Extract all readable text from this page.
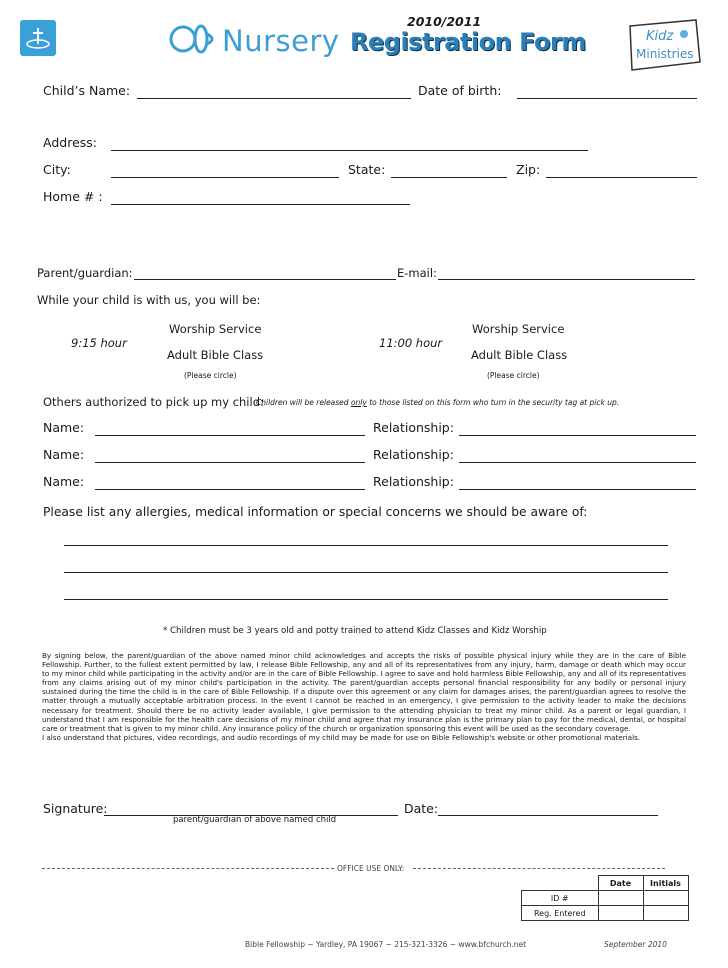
Nursery
2010/2011
Registration Form	Kidz
Ministries
Child’s Name:	Date of birth:
Address:
City:	State:	Zip:
Home # :
Parent/guardian:	E-mail:
While your child is with us, you will be:
Worship Service
9:15 hour
Adult Bible Class
(Please circle)
Worship Service
11:00 hour
Adult Bible Class
(Please circle)
Others authorized to pick up my child:
Children will be released only to those listed on this form who turn in the security tag at pick up.
Name:	Relationship:
Name:	Relationship:
Name:	Relationship:
Please list any allergies, medical information or special concerns we should be aware of:
* Children must be 3 years old and potty trained to attend Kidz Classes and Kidz Worship

By signing below, the parent/guardian of the above named minor child acknowledges and accepts the risks of possible physical injury while they are in the care of Bible Fellowship. Further, to the fullest extent permitted by law, I release Bible Fellowship, any and all of its representatives from any injury, harm, damage or death which may occur to my minor child while participating in the activity and/or are in the care of Bible Fellowship. I agree to save and hold harmless Bible Fellowship, any and all of its representatives from any claims arising out of my minor child's participation in the activity. The parent/guardian accepts personal financial responsibility for any bodily or personal injury sustained during the time the child is in the care of Bible Fellowship. If a dispute over this agreement or any claim for damages arises, the parent/guardian agrees to resolve the matter through a mutually acceptable arbitration process. In the event I cannot be reached in an emergency, I give permission to the activity leader to make the decisions necessary for treatment. Should there be no activity leader available, I give permission to the attending physician to treat my minor child. As a parent or legal guardian, I understand that I am responsible for the health care decisions of my minor child and agree that my insurance plan is the primary plan to pay for the medical, dental, or hospital care or treatment that is given to my minor child. Any insurance policy of the church or organization sponsoring this event will be used as the secondary coverage.

I also understand that pictures, video recordings, and audio recordings of my child may be made for use on Bible Fellowship's website or other promotional materials.

Signature:	Date:
parent/guardian of above named child
OFFICE USE ONLY:
	Date	Initials
ID #		
Reg. Entered		
Bible Fellowship ~ Yardley, PA 19067 ~ 215-321-3326 ~ www.bfchurch.net	September 2010
